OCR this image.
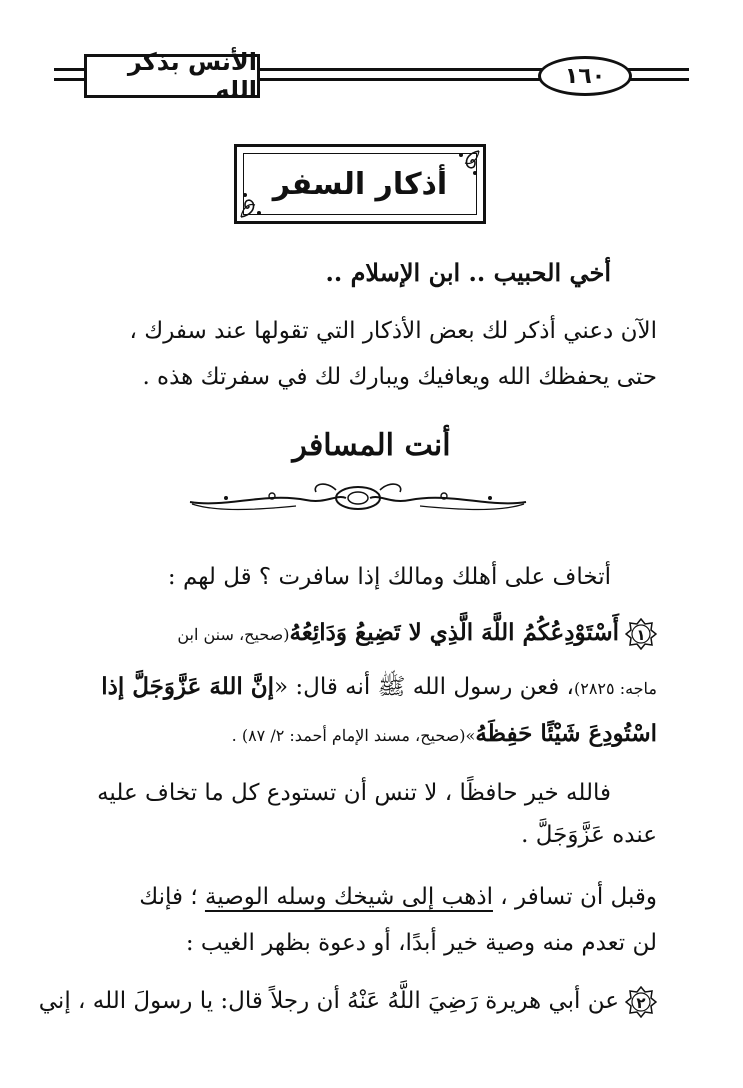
الأنس بذكر الله	١٦٠
أذكار السفر
أخي الحبيب .. ابن الإسلام ..
الآن دعني أذكر لك بعض الأذكار التي تقولها عند سفرك ،
حتى يحفظك الله ويعافيك ويبارك لك في سفرتك هذه .
أنت المسافر
أتخاف على أهلك ومالك إذا سافرت ؟ قل لهم :
١
أَسْتَوْدِعُكُمُ اللَّهَ الَّذِي لا تَضِيعُ وَدَائِعُهُ(صحيح، سنن ابن
ماجه: ٢٨٢٥)، فعن رسول الله ﷺ أنه قال: «إنَّ اللهَ عَزَّوَجَلَّ إذا
اسْتُودِعَ شَيْئًا حَفِظَهُ»(صحيح، مسند الإمام أحمد: ٢/ ٨٧) .
فالله خير حافظًا ، لا تنس أن تستودع كل ما تخاف عليه
عنده عَزَّوَجَلَّ .
وقبل أن تسافر ، اذهب إلى شيخك وسله الوصية ؛ فإنك
لن تعدم منه وصية خير أبدًا، أو دعوة بظهر الغيب :
٢
عن أبي هريرة رَضِيَ اللَّهُ عَنْهُ أن رجلاً قال: يا رسولَ الله ، إني
